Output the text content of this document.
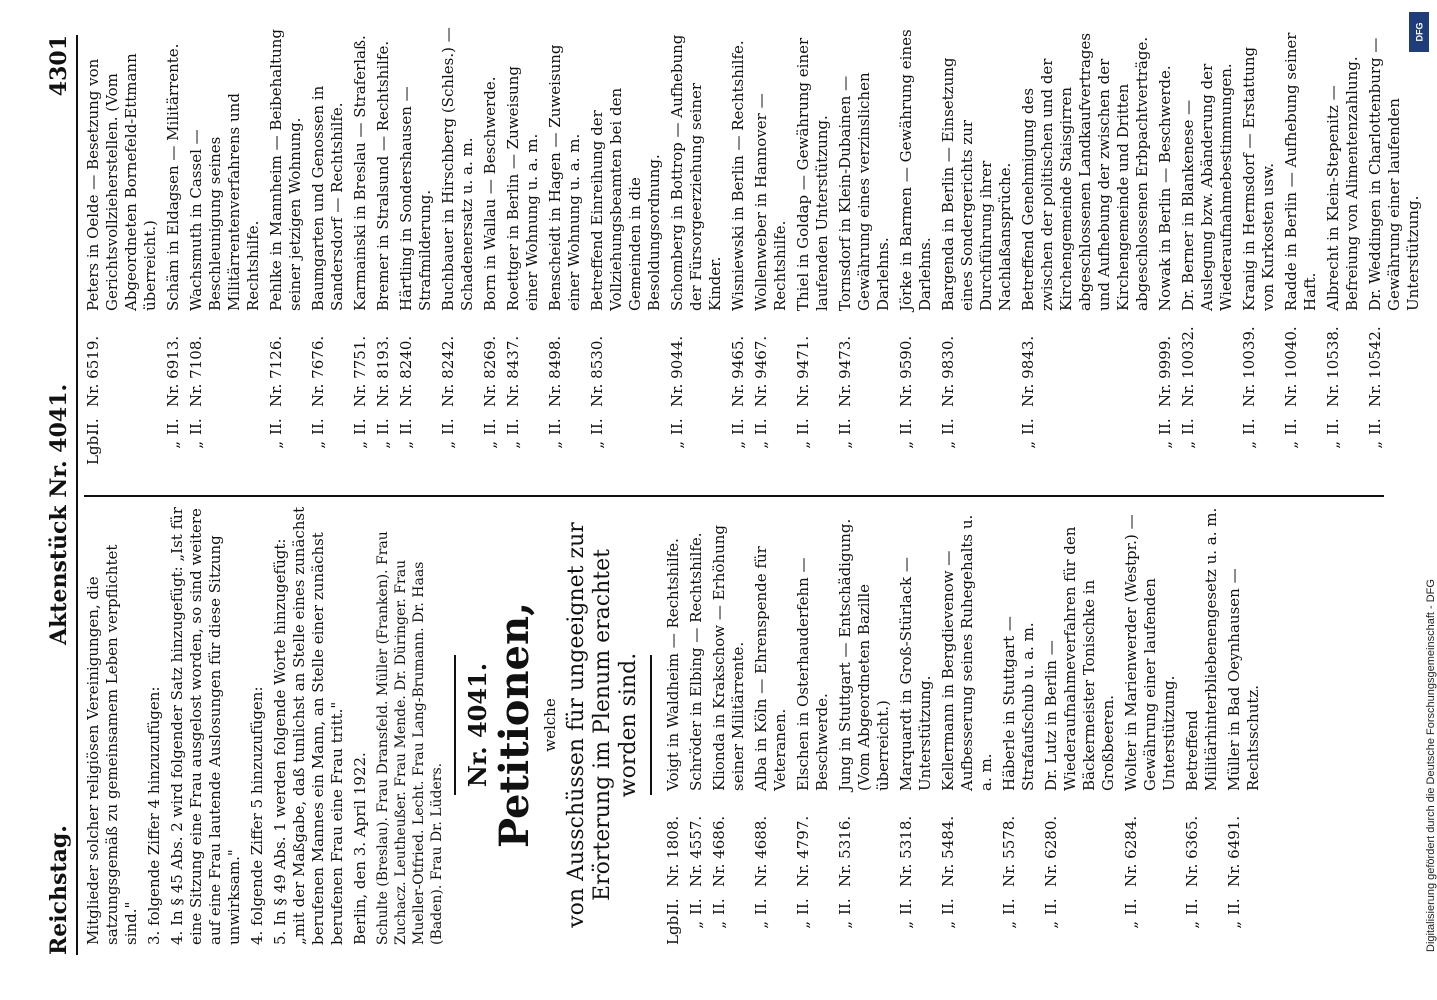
Reichstag.
Aktenstück Nr. 4041.
4301

Mitglieder solcher religiösen Vereinigungen, die satzungsgemäß zu gemeinsamem Leben verpflichtet sind." 3. folgende Ziffer 4 hinzuzufügen: 4. In § 45 Abs. 2 wird folgender Satz hinzugefügt: „Ist für eine Sitzung eine Frau ausgelost worden, so sind weitere auf eine Frau lautende Auslosungen für diese Sitzung unwirksam." 4. folgende Ziffer 5 hinzuzufügen: 5. In § 49 Abs. 1 werden folgende Worte hinzugefügt: „mit der Maßgabe, daß tunlichst an Stelle eines zunächst berufenen Mannes ein Mann, an Stelle einer zunächst berufenen Frau eine Frau tritt." Berlin, den 3. April 1922. Schulte (Breslau). Frau Dransfeld. Müller (Franken). Frau Zuchacz. Leutheußer. Frau Mende. Dr. Düringer. Frau Mueller-Otfried. Lecht. Frau Lang-Brumann. Dr. Haas (Baden). Frau Dr. Lüders.

Nr. 4041. Petitionen, welche von Ausschüssen für ungeeignet zur Erörterung im Plenum erachtet worden sind.

Lgb.
II.
Nr. 1808.
Voigt in Waldheim — Rechtshilfe.
„
II.
Nr. 4557.
Schröder in Elbing — Rechtshilfe.
„
II.
Nr. 4686.
Klionda in Krakschow — Erhöhung seiner Militärrente.
„
II.
Nr. 4688.
Alba in Köln — Ehrenspende für Veteranen.
„
II.
Nr. 4797.
Elschen in Osterhauderfehn — Beschwerde.
„
II.
Nr. 5316.
Jung in Stuttgart — Entschädigung. (Vom Abgeordneten Bazille überreicht.)
„
II.
Nr. 5318.
Marquardt in Groß-Stürlack — Unterstützung.
„
II.
Nr. 5484.
Kellermann in Bergdievenow — Aufbesserung seines Ruhegehalts u. a. m.
„
II.
Nr. 5578.
Häberle in Stuttgart — Strafaufschub u. a. m.
„
II.
Nr. 6280.
Dr. Lutz in Berlin — Wiederaufnahmeverfahren für den Bäckermeister Tonischke in Großbeeren.
„
II.
Nr. 6284.
Wolter in Marienwerder (Westpr.) — Gewährung einer laufenden Unterstützung.
„
II.
Nr. 6365.
Betreffend Militärhinterbliebenengesetz u. a. m.
„
II.
Nr. 6491.
Müller in Bad Oeynhausen — Rechtsschutz.
Lgb.
II.
Nr. 6519.
Peters in Oelde — Besetzung von Gerichtsvollzieherstellen. (Vom Abgeordneten Bornefeld-Ettmann überreicht.)
„
II.
Nr. 6913.
Schäm in Eldagsen — Militärrente.
„
II.
Nr. 7108.
Wachsmuth in Cassel — Beschleunigung seines Militärrentenverfahrens und Rechtshilfe.
„
II.
Nr. 7126.
Pehlke in Mannheim — Beibehaltung seiner jetzigen Wohnung.
„
II.
Nr. 7676.
Baumgarten und Genossen in Sandersdorf — Rechtshilfe.
„
II.
Nr. 7751.
Karmainski in Breslau — Straferlaß.
„
II.
Nr. 8193.
Bremer in Stralsund — Rechtshilfe.
„
II.
Nr. 8240.
Härtling in Sondershausen — Strafmilderung.
„
II.
Nr. 8242.
Buchbauer in Hirschberg (Schles.) — Schadenersatz u. a. m.
„
II.
Nr. 8269.
Born in Wallau — Beschwerde.
„
II.
Nr. 8437.
Roettger in Berlin — Zuweisung einer Wohnung u. a. m.
„
II.
Nr. 8498.
Benscheidt in Hagen — Zuweisung einer Wohnung u. a. m.
„
II.
Nr. 8530.
Betreffend Einreihung der Vollziehungsbeamten bei den Gemeinden in die Besoldungsordnung.
„
II.
Nr. 9044.
Schomberg in Bottrop — Aufhebung der Fürsorgeerziehung seiner Kinder.
„
II.
Nr. 9465.
Wisniewski in Berlin — Rechtshilfe.
„
II.
Nr. 9467.
Wollenweber in Hannover — Rechtshilfe.
„
II.
Nr. 9471.
Thiel in Goldap — Gewährung einer laufenden Unterstützung.
„
II.
Nr. 9473.
Tornsdorf in Klein-Dubainen — Gewährung eines verzinslichen Darlehns.
„
II.
Nr. 9590.
Jörke in Barmen — Gewährung eines Darlehns.
„
II.
Nr. 9830.
Bargenda in Berlin — Einsetzung eines Sondergerichts zur Durchführung ihrer Nachlaßansprüche.
„
II.
Nr. 9843.
Betreffend Genehmigung des zwischen der politischen und der Kirchengemeinde Staisgirren abgeschlossenen Landkaufvertrages und Aufhebung der zwischen der Kirchengemeinde und Dritten abgeschlossenen Erbpachtverträge.
„
II.
Nr. 9999.
Nowak in Berlin — Beschwerde.
„
II.
Nr. 10032.
Dr. Berner in Blankenese — Auslegung bzw. Abänderung der Wiederaufnahmebestimmungen.
„
II.
Nr. 10039.
Kranig in Hermsdorf — Erstattung von Kurkosten usw.
„
II.
Nr. 10040.
Radde in Berlin — Aufhebung seiner Haft.
„
II.
Nr. 10538.
Albrecht in Klein-Stepenitz — Befreiung von Alimentenzahlung.
„
II.
Nr. 10542.
Dr. Weddingen in Charlottenburg — Gewährung einer laufenden Unterstützung.
DFG
Digitalisierung gefördert durch die Deutsche Forschungsgemeinschaft - DFG
